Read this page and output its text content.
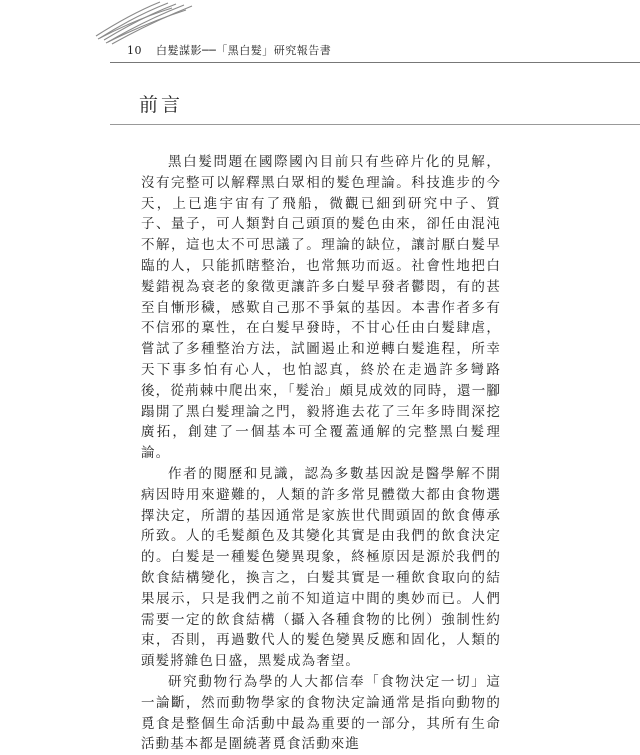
10 白髮謀影──「黑白髮」研究報告書
前言

黑白髮問題在國際國內目前只有些碎片化的見解，沒有完整可以解釋黑白眾相的髮色理論。科技進步的今天，上已進宇宙有了飛船，微觀已細到研究中子、質子、量子，可人類對自己頭頂的髮色由來，卻任由混沌不解，這也太不可思議了。理論的缺位，讓討厭白髮早臨的人，只能抓瞎整治，也常無功而返。社會性地把白髮錯視為衰老的象徵更讓許多白髮早發者鬱悶，有的甚至自慚形穢，感歎自己那不爭氣的基因。本書作者多有不信邪的稟性，在白髮早發時，不甘心任由白髮肆虐，嘗試了多種整治方法，試圖遏止和逆轉白髮進程，所幸天下事多怕有心人，也怕認真，終於在走過許多彎路後，從荊棘中爬出來，「髮治」頗見成效的同時，還一腳蹋開了黑白髮理論之門，毅將進去花了三年多時間深挖廣拓，創建了一個基本可全覆蓋通解的完整黑白髮理論。

作者的閱歷和見識，認為多數基因說是醫學解不開病因時用來避難的，人類的許多常見體徵大都由食物選擇決定，所謂的基因通常是家族世代間頭固的飲食傳承所致。人的毛髮顏色及其變化其實是由我們的飲食決定的。白髮是一種髮色變異現象，終極原因是源於我們的飲食結構變化，換言之，白髮其實是一種飲食取向的結果展示，只是我們之前不知道這中間的奧妙而已。人們需要一定的飲食結構（攝入各種食物的比例）強制性約束，否則，再過數代人的髮色變異反應和固化，人類的頭髮將雜色日盛，黑髮成為奢望。

研究動物行為學的人大都信奉「食物決定一切」這一論斷，然而動物學家的食物決定論通常是指向動物的覓食是整個生命活動中最為重要的一部分，其所有生命活動基本都是圍繞著覓食活動來進
